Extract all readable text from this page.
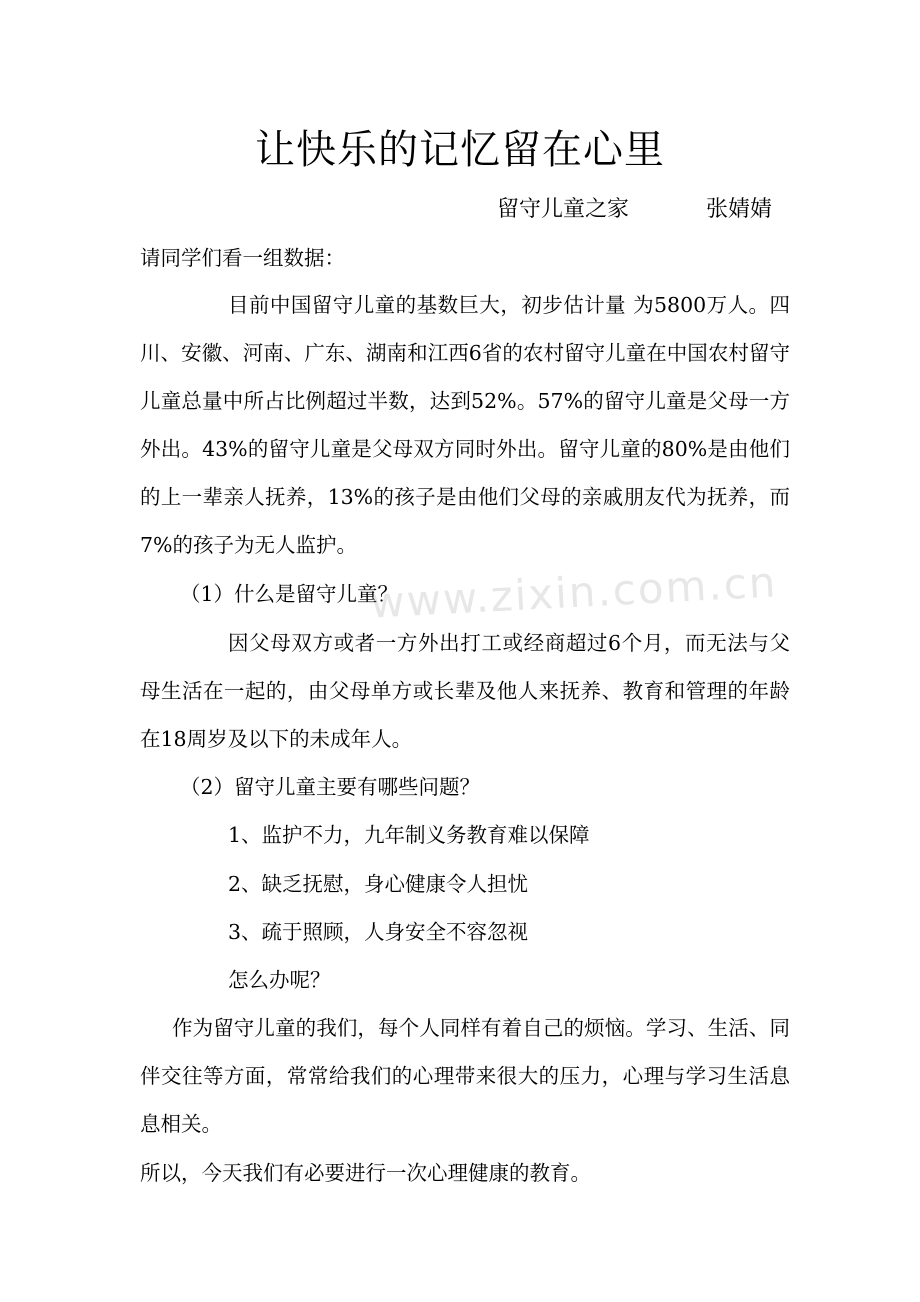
让快乐的记忆留在心里
留守儿童之家	张婧婧
请同学们看一组数据：
目前中国留守儿童的基数巨大，初步估计量 为5800万人。四川、安徽、河南、广东、湖南和江西6省的农村留守儿童在中国农村留守儿童总量中所占比例超过半数，达到52%。57%的留守儿童是父母一方外出。43%的留守儿童是父母双方同时外出。留守儿童的80%是由他们的上一辈亲人抚养，13%的孩子是由他们父母的亲戚朋友代为抚养，而7%的孩子为无人监护。
（1）什么是留守儿童？
因父母双方或者一方外出打工或经商超过6个月，而无法与父母生活在一起的，由父母单方或长辈及他人来抚养、教育和管理的年龄在18周岁及以下的未成年人。
（2）留守儿童主要有哪些问题？
1、监护不力，九年制义务教育难以保障
2、缺乏抚慰，身心健康令人担忧
3、疏于照顾，人身安全不容忽视
怎么办呢？
作为留守儿童的我们，每个人同样有着自己的烦恼。学习、生活、同伴交往等方面，常常给我们的心理带来很大的压力，心理与学习生活息息相关。
所以，今天我们有必要进行一次心理健康的教育。
www.zixin.com.cn
